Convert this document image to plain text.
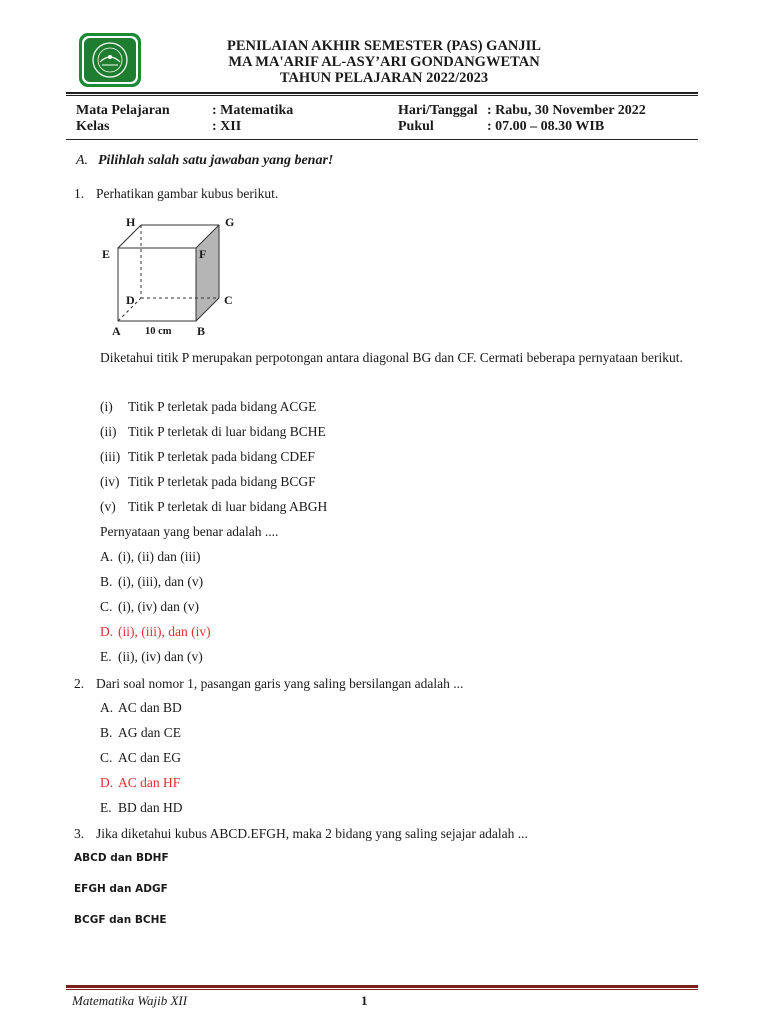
PENILAIAN AKHIR SEMESTER (PAS) GANJIL
MA MA'ARIF AL-ASY’ARI GONDANGWETAN
TAHUN PELAJARAN 2022/2023
Mata Pelajaran	: Matematika
Kelas	: XII
Hari/Tanggal : Rabu, 30 November 2022
Pukul	: 07.00 – 08.30 WIB
A. Pilihlah salah satu jawaban yang benar!
1. Perhatikan gambar kubus berikut.
H	G
E	F
D	C
A	B
10 cm
Diketahui titik P merupakan perpotongan antara diagonal BG dan CF. Cermati beberapa pernyataan berikut.
(i) Titik P terletak pada bidang ACGE
(ii) Titik P terletak di luar bidang BCHE
(iii) Titik P terletak pada bidang CDEF
(iv) Titik P terletak pada bidang BCGF
(v) Titik P terletak di luar bidang ABGH
Pernyataan yang benar adalah ....
A. (i), (ii) dan (iii)
B. (i), (iii), dan (v)
C. (i), (iv) dan (v)
D. (ii), (iii), dan (iv)
E. (ii), (iv) dan (v)
2. Dari soal nomor 1, pasangan garis yang saling bersilangan adalah ...
A. AC dan BD
B. AG dan CE
C. AC dan EG
D. AC dan HF
E. BD dan HD
3. Jika diketahui kubus ABCD.EFGH, maka 2 bidang yang saling sejajar adalah ...
ABCD dan BDHF
EFGH dan ADGF
BCGF dan BCHE
Matematika Wajib XII	1
